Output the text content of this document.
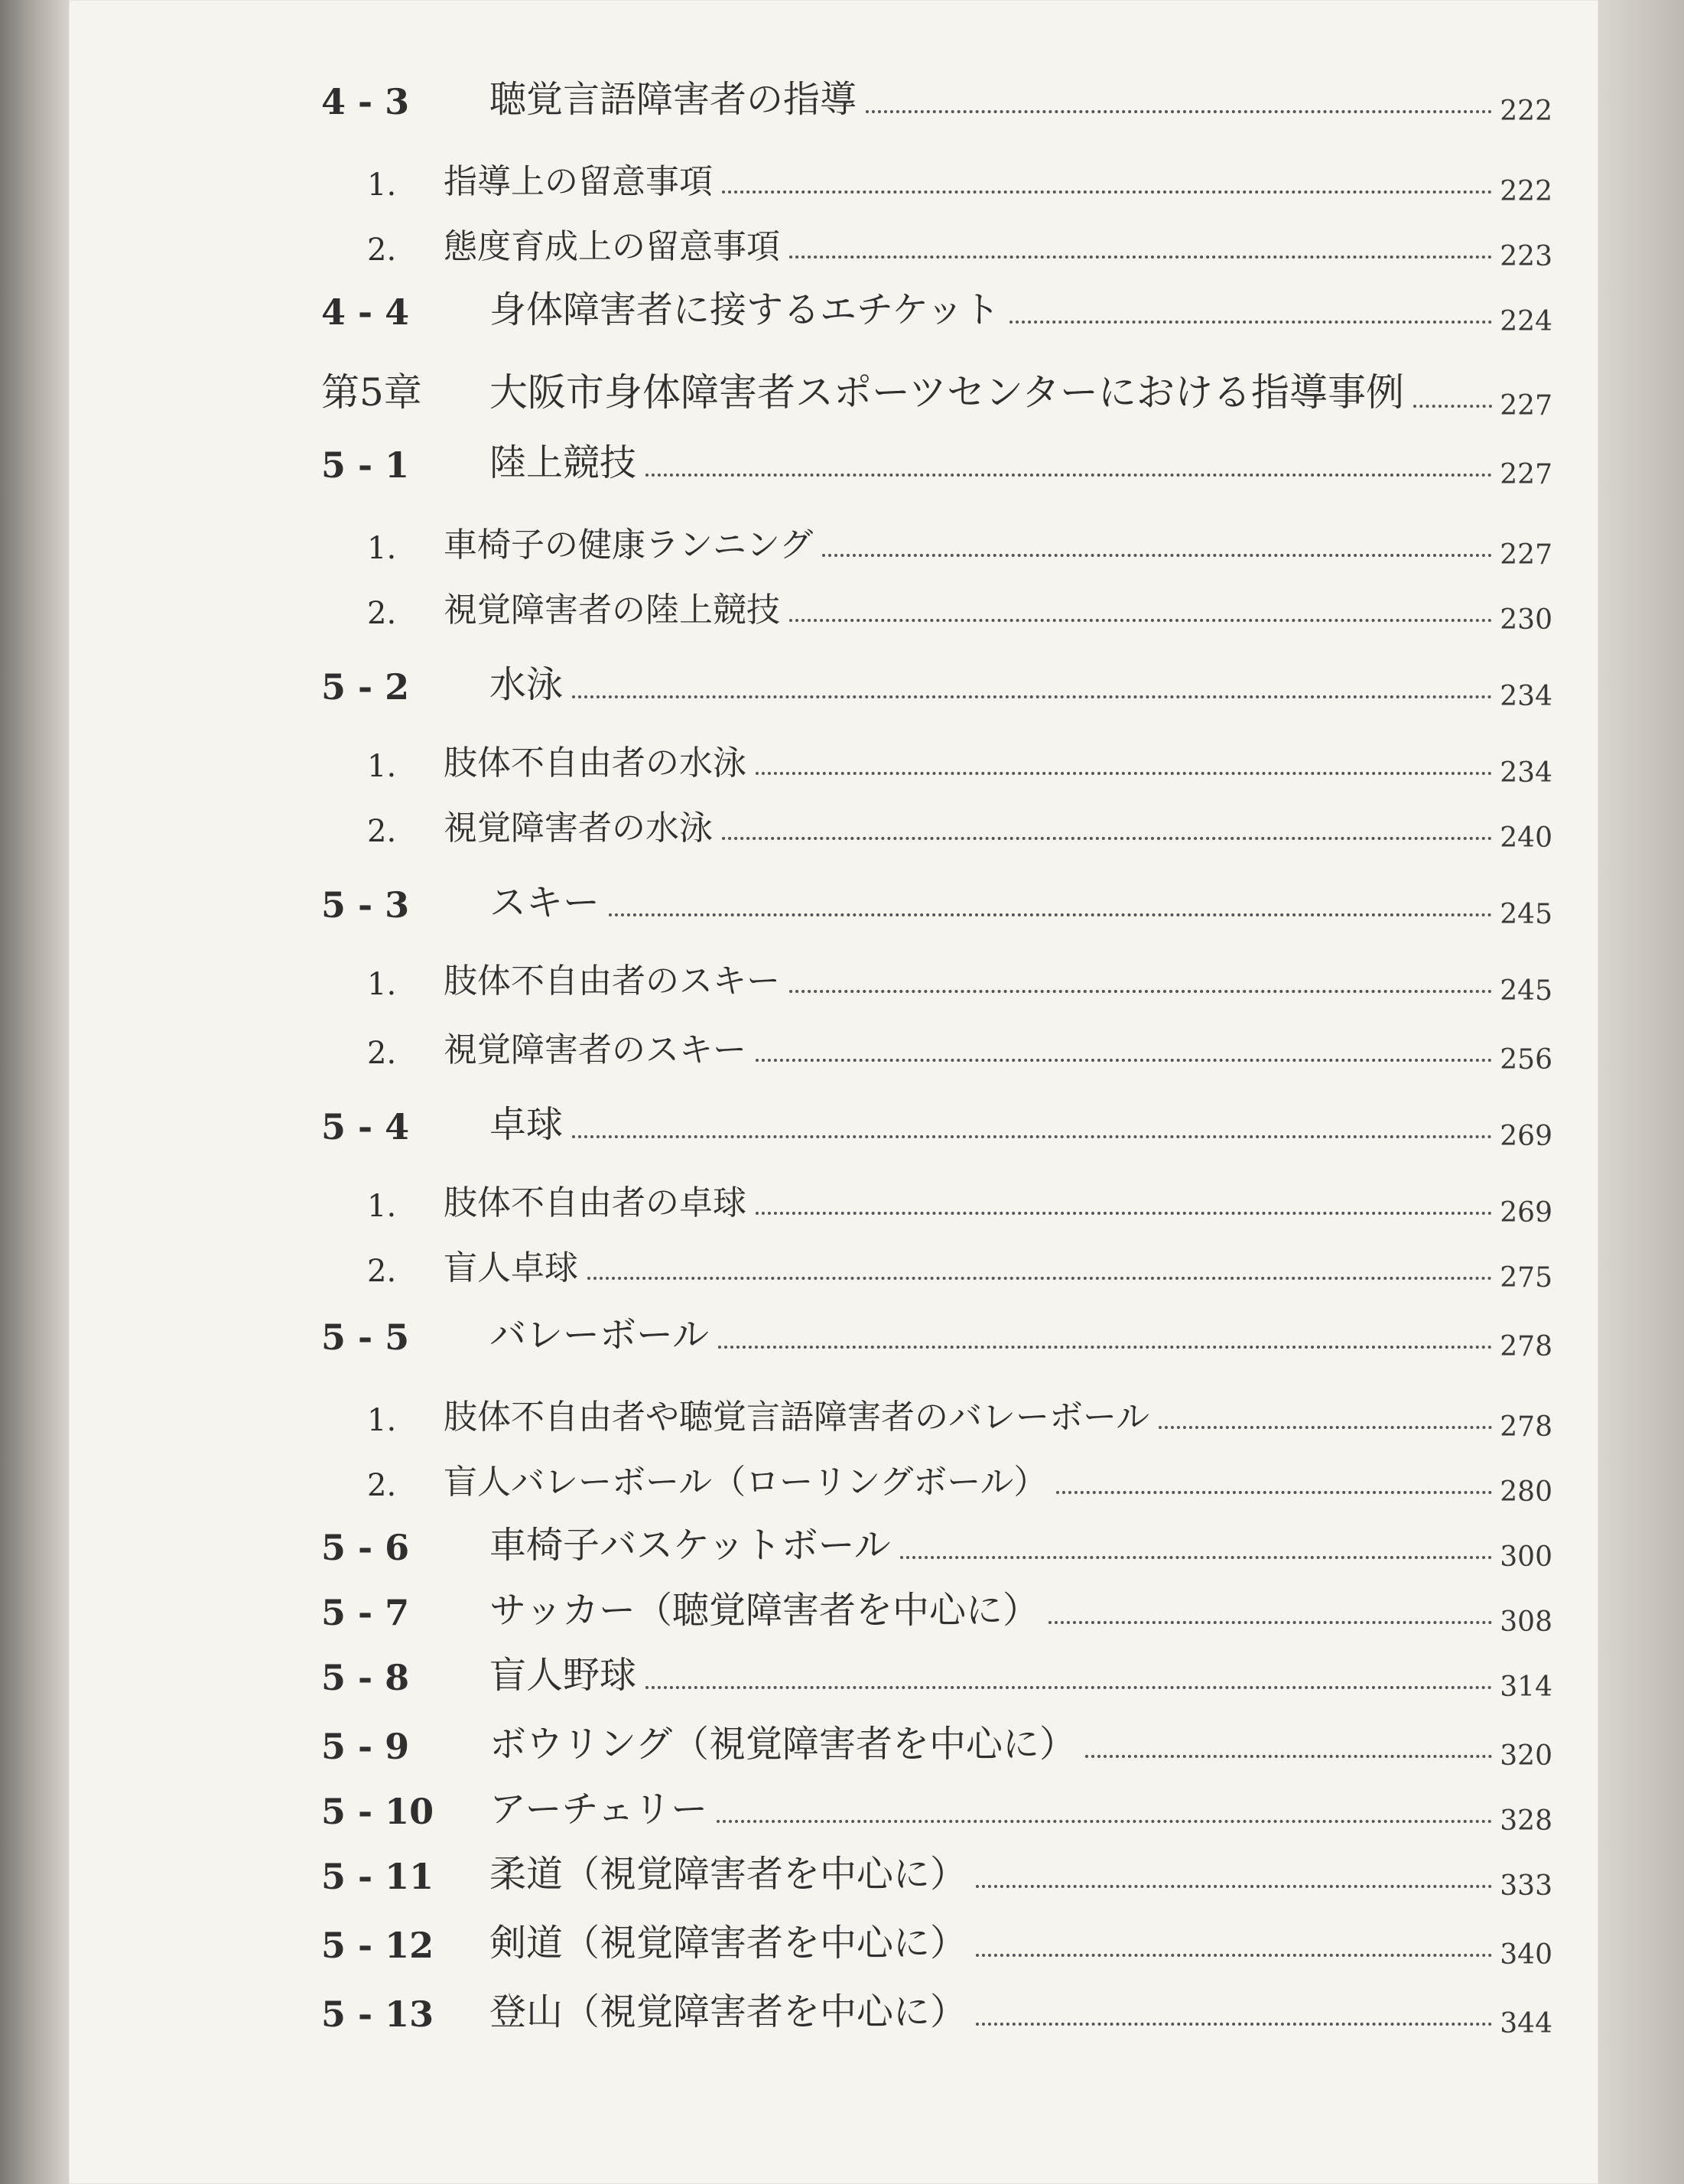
4 - 3	聴覚言語障害者の指導	222
1.	指導上の留意事項	222
2.	態度育成上の留意事項	223
4 - 4	身体障害者に接するエチケット	224
第5章	大阪市身体障害者スポーツセンターにおける指導事例	227
5 - 1	陸上競技	227
1.	車椅子の健康ランニング	227
2.	視覚障害者の陸上競技	230
5 - 2	水泳	234
1.	肢体不自由者の水泳	234
2.	視覚障害者の水泳	240
5 - 3	スキー	245
1.	肢体不自由者のスキー	245
2.	視覚障害者のスキー	256
5 - 4	卓球	269
1.	肢体不自由者の卓球	269
2.	盲人卓球	275
5 - 5	バレーボール	278
1.	肢体不自由者や聴覚言語障害者のバレーボール	278
2.	盲人バレーボール（ローリングボール）	280
5 - 6	車椅子バスケットボール	300
5 - 7	サッカー（聴覚障害者を中心に）	308
5 - 8	盲人野球	314
5 - 9	ボウリング（視覚障害者を中心に）	320
5 - 10	アーチェリー	328
5 - 11	柔道（視覚障害者を中心に）	333
5 - 12	剣道（視覚障害者を中心に）	340
5 - 13	登山（視覚障害者を中心に）	344
